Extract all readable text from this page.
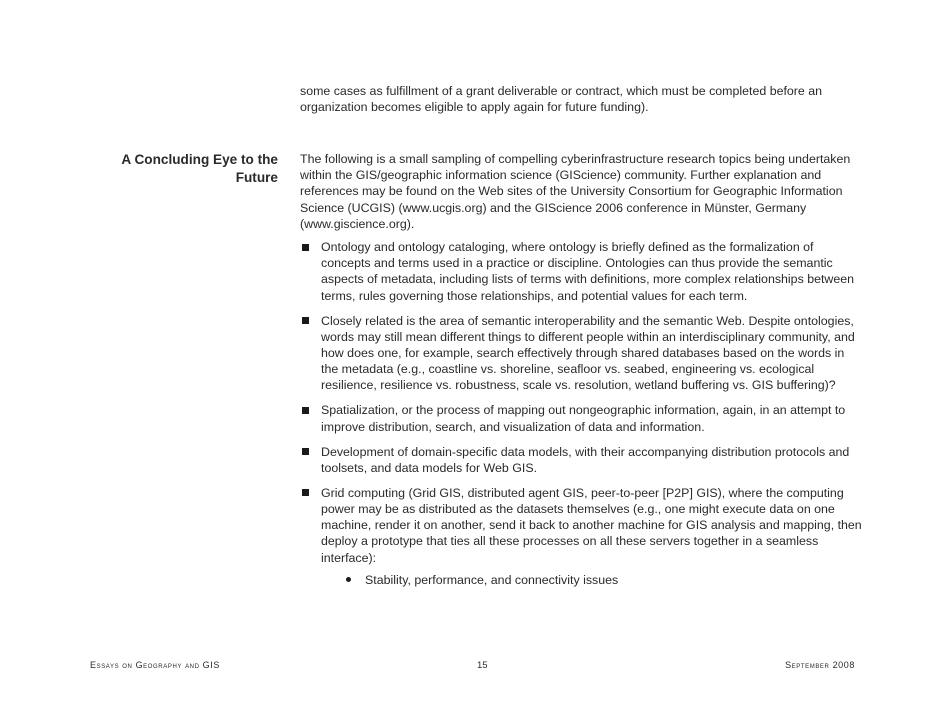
some cases as fulfillment of a grant deliverable or contract, which must be completed before an organization becomes eligible to apply again for future funding).
A Concluding Eye to the Future
The following is a small sampling of compelling cyberinfrastructure research topics being undertaken within the GIS/geographic information science (GIScience) community. Further explanation and references may be found on the Web sites of the University Consortium for Geographic Information Science (UCGIS) (www.ucgis.org) and the GIScience 2006 conference in Münster, Germany (www.giscience.org).
Ontology and ontology cataloging, where ontology is briefly defined as the formalization of concepts and terms used in a practice or discipline. Ontologies can thus provide the semantic aspects of metadata, including lists of terms with definitions, more complex relationships between terms, rules governing those relationships, and potential values for each term.
Closely related is the area of semantic interoperability and the semantic Web. Despite ontologies, words may still mean different things to different people within an interdisciplinary community, and how does one, for example, search effectively through shared databases based on the words in the metadata (e.g., coastline vs. shoreline, seafloor vs. seabed, engineering vs. ecological resilience, resilience vs. robustness, scale vs. resolution, wetland buffering vs. GIS buffering)?
Spatialization, or the process of mapping out nongeographic information, again, in an attempt to improve distribution, search, and visualization of data and information.
Development of domain-specific data models, with their accompanying distribution protocols and toolsets, and data models for Web GIS.
Grid computing (Grid GIS, distributed agent GIS, peer-to-peer [P2P] GIS), where the computing power may be as distributed as the datasets themselves (e.g., one might execute data on one machine, render it on another, send it back to another machine for GIS analysis and mapping, then deploy a prototype that ties all these processes on all these servers together in a seamless interface):
Stability, performance, and connectivity issues
Essays on Geography and GIS	15	September 2008
